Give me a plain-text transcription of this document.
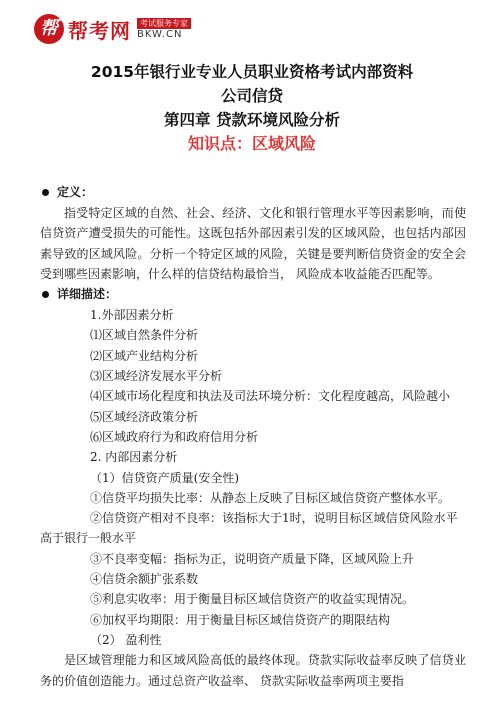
帮 帮考网	考试服务专家
BKW.CN
2015年银行业专业人员职业资格考试内部资料
公司信贷
第四章 贷款环境风险分析
知识点：区域风险
定义：
指受特定区域的自然、社会、经济、文化和银行管理水平等因素影响，而使信贷资产遭受损失的可能性。这既包括外部因素引发的区域风险，也包括内部因素导致的区域风险。分析一个特定区域的风险，关键是要判断信贷资金的安全会受到哪些因素影响，什么样的信贷结构最恰当， 风险成本收益能否匹配等。
详细描述：
1.外部因素分析
⑴区域自然条件分析
⑵区域产业结构分析
⑶区域经济发展水平分析
⑷区域市场化程度和执法及司法环境分析：文化程度越高，风险越小
⑸区域经济政策分析
⑹区域政府行为和政府信用分析
2. 内部因素分析
（1）信贷资产质量(安全性)
①信贷平均损失比率：从静态上反映了目标区域信贷资产整体水平。
②信贷资产相对不良率：该指标大于1时，说明目标区域信贷风险水平高于银行一般水平
③不良率变幅：指标为正，说明资产质量下降，区域风险上升
④信贷余额扩张系数
⑤利息实收率：用于衡量目标区域信贷资产的收益实现情况。
⑥加权平均期限：用于衡量目标区域信贷资产的期限结构
（2） 盈利性
是区域管理能力和区域风险高低的最终体现。贷款实际收益率反映了信贷业务的价值创造能力。通过总资产收益率、 贷款实际收益率两项主要指
